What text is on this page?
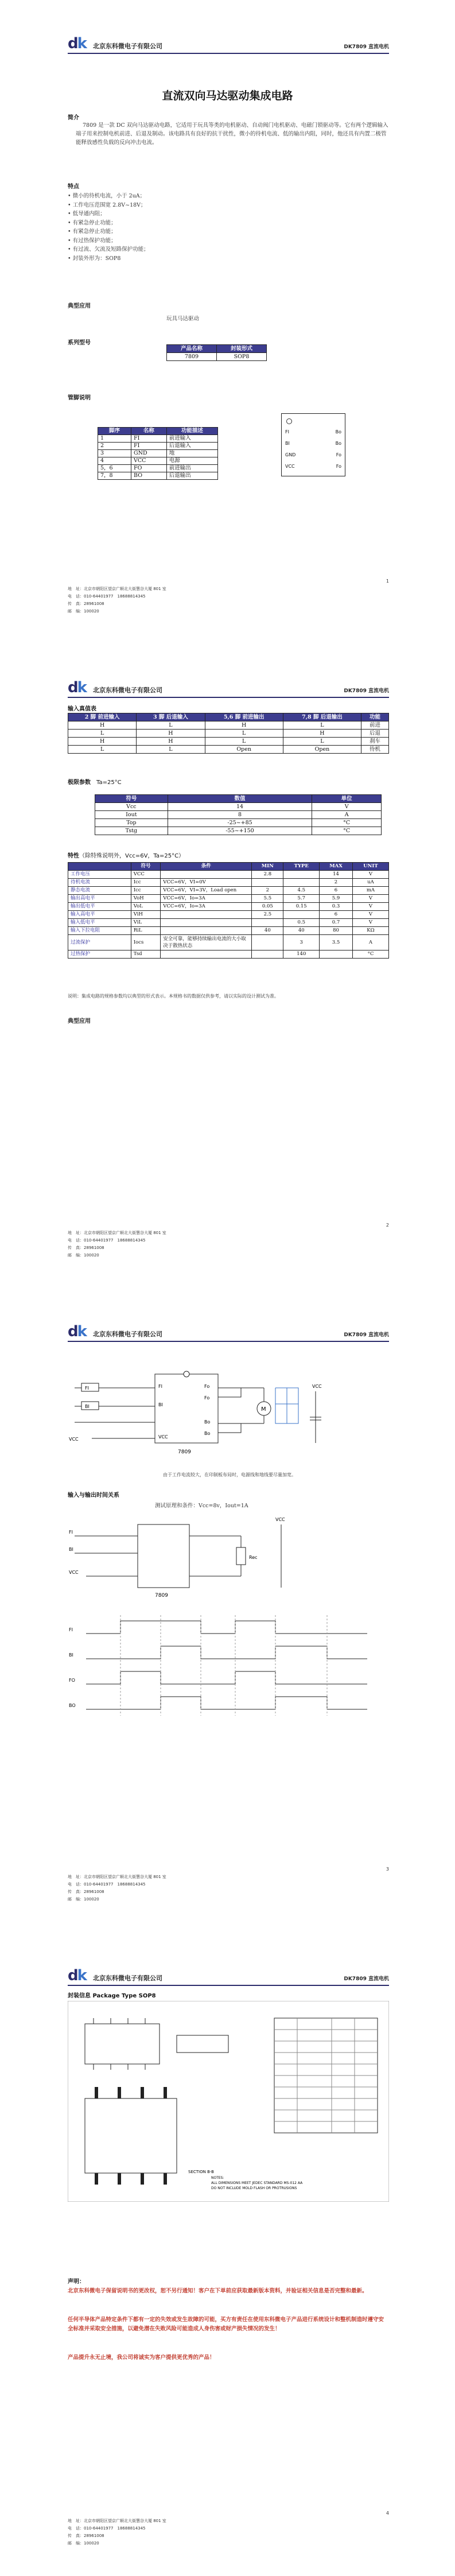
dk 北京东科微电子有限公司	DK7809 直流电机
直流双向马达驱动集成电路
简介
7809 是一款 DC 双向马达驱动电路，它适用于玩具等类的电机驱动、自动阀门电机驱动、电磁门锁驱动等。它有两个逻辑输入端子用来控制电机前进、后退及制动。该电路具有良好的抗干扰性，微小的待机电流、低的输出内阻，同时，他还具有内置二极管能释放感性负载的反向冲击电流。
特点
• 微小的待机电流，小于 2uA；
• 工作电压范围宽 2.8V~18V；
• 低导通内阻；
• 有紧急停止功能；
• 有紧急停止功能；
• 有过热保护功能；
• 有过流、欠流及短路保护功能；
• 封装外形为：SOP8
典型应用
玩具马达驱动
系列型号
产品名称	封装形式
7809	SOP8
管脚说明
脚序	名称	功能描述
1	FI	前进输入
2	FI	后退输入
3	GND	地
4	VCC	电源
5，6	FO	前进输出
7，8	BO	后退输出
FI
BI
GND
VCC
Bo
Bo
Fo
Fo
1
地　址：北京市朝阳区望京广顺北大街慧谷大厦 801 室
电　话：010-64401977　18688814345
传　真：28961008
邮　编：100020
dk 北京东科微电子有限公司	DK7809 直流电机
输入真值表
2 脚 前进输入	3 脚 后退输入	5,6 脚 前进输出	7,8 脚 后退输出	功能
H	L	H	L	前进
L	H	L	H	后退
H	H	L	L	刹车
L	L	Open	Open	待机
极限参数　 Ta=25°C
符号	数值	单位
Vcc	14	V
Iout	8	A
Top	-25~+85	°C
Tstg	-55~+150	°C
特性（除特殊说明外，Vcc=6V，Ta=25°C）
	符号	条件	MIN	TYPE	MAX	UNIT
工作电压	VCC		2.8		14	V
待机电流	Icc	VCC=6V，VI=0V			2	uA
静态电流	Icc	VCC=6V，VI=3V，Load open	2	4.5	6	mA
输出高电平	VoH	VCC=6V，Io=3A	5.5	5.7	5.9	V
输出低电平	VoL	VCC=6V，Io=3A	0.05	0.15	0.3	V
输入高电平	ViH		2.5		6	V
输入低电平	ViL			0.5	0.7	V
输入下拉电阻	RiL		40	40	80	KΩ
过流保护	Iocs	安全可靠，能够持续输出电流的大小取决于散热状态		3	3.5	A
过热保护	Tsd			140		°C
说明：集成电路的规格参数均以典型的形式表示。本规格书的数据仅供参考，请以实际的设计测试为准。
典型应用
2
地　址：北京市朝阳区望京广顺北大街慧谷大厦 801 室
电　话：010-64401977　18688814345
传　真：28961008
邮　编：100020
dk 北京东科微电子有限公司	DK7809 直流电机
7809
FI
BI
VCC
Fo
Fo
Bo
Bo
FI
BI
VCC
M
VCC
由于工作电流较大，在印制板布局时，电源线和地线要尽量加宽。
输入与输出时间关系
测试原理和条件：Vcc=8v，Iout=1A
7809
FI
BI
VCC
Rec
VCC
FI
BI
FO
BO
3
地　址：北京市朝阳区望京广顺北大街慧谷大厦 801 室
电　话：010-64401977　18688814345
传　真：28961008
邮　编：100020
dk 北京东科微电子有限公司	DK7809 直流电机
封装信息 Package Type SOP8
SECTION B-B
NOTES: ALL DIMENSIONS MEET JEDEC STANDARD MS-012 AA DO NOT INCLUDE MOLD FLASH OR PROTRUSIONS
声明：
北京东科微电子保留说明书的更改权，恕不另行通知！客户在下单前应获取最新版本资料，并验证相关信息是否完整和最新。
任何半导体产品特定条件下都有一定的失效或发生故障的可能，买方有责任在使用东科微电子产品进行系统设计和整机制造时遵守安全标准并采取安全措施，以避免潜在失败风险可能造成人身伤害或财产损失情况的发生！
产品提升永无止境，我公司将诚实为客户提供更优秀的产品！
4
地　址：北京市朝阳区望京广顺北大街慧谷大厦 801 室
电　话：010-64401977　18688814345
传　真：28961008
邮　编：100020
